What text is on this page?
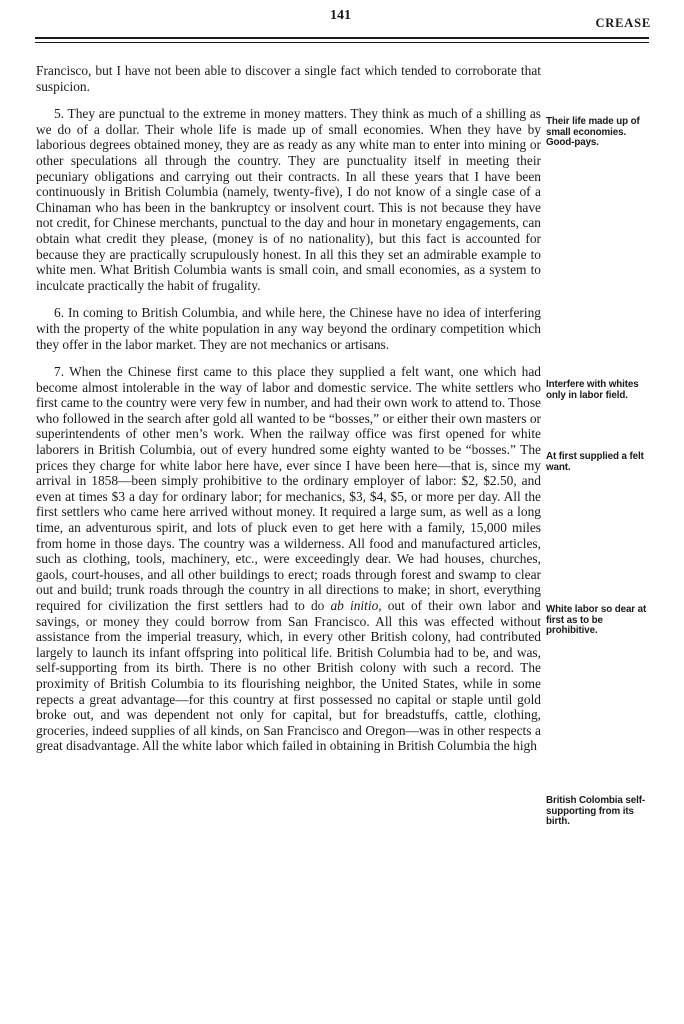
141	CREASE

Francisco, but I have not been able to discover a single fact which tended to corroborate that suspicion.

5. They are punctual to the extreme in money matters. They think as much of a shilling as we do of a dollar. Their whole life is made up of small economies. When they have by laborious degrees obtained money, they are as ready as any white man to enter into mining or other speculations all through the country. They are punctuality itself in meeting their pecuniary obligations and carrying out their contracts. In all these years that I have been continuously in British Columbia (namely, twenty-five), I do not know of a single case of a Chinaman who has been in the bankruptcy or insolvent court. This is not because they have not credit, for Chinese merchants, punctual to the day and hour in monetary engagements, can obtain what credit they please, (money is of no nationality), but this fact is accounted for because they are practically scrupulously honest. In all this they set an admirable example to white men. What British Columbia wants is small coin, and small economies, as a system to inculcate practically the habit of frugality.

6. In coming to British Columbia, and while here, the Chinese have no idea of interfering with the property of the white population in any way beyond the ordinary competition which they offer in the labor market. They are not mechanics or artisans.

7. When the Chinese first came to this place they supplied a felt want, one which had become almost intolerable in the way of labor and domestic service. The white settlers who first came to the country were very few in number, and had their own work to attend to. Those who followed in the search after gold all wanted to be “bosses,” or either their own masters or superintendents of other men’s work. When the railway office was first opened for white laborers in British Columbia, out of every hundred some eighty wanted to be “bosses.” The prices they charge for white labor here have, ever since I have been here—that is, since my arrival in 1858—been simply prohibitive to the ordinary employer of labor: $2, $2.50, and even at times $3 a day for ordinary labor; for mechanics, $3, $4, $5, or more per day. All the first settlers who came here arrived without money. It required a large sum, as well as a long time, an adventurous spirit, and lots of pluck even to get here with a family, 15,000 miles from home in those days. The country was a wilderness. All food and manufactured articles, such as clothing, tools, machinery, etc., were exceedingly dear. We had houses, churches, gaols, court-houses, and all other buildings to erect; roads through forest and swamp to clear out and build; trunk roads through the country in all directions to make; in short, everything required for civilization the first settlers had to do ab initio, out of their own labor and savings, or money they could borrow from San Francisco. All this was effected without assistance from the imperial treasury, which, in every other British colony, had contributed largely to launch its infant offspring into political life. British Columbia had to be, and was, self-supporting from its birth. There is no other British colony with such a record. The proximity of British Columbia to its flourishing neighbor, the United States, while in some repects a great advantage—for this country at first possessed no capital or staple until gold broke out, and was dependent not only for capital, but for breadstuffs, cattle, clothing, groceries, indeed supplies of all kinds, on San Francisco and Oregon—was in other respects a great disadvantage. All the white labor which failed in obtaining in British Columbia the high

Their life made up of small economies. Good-pays.
Interfere with whites only in labor field.
At first supplied a felt want.
White labor so dear at first as to be prohibitive.
British Colombia self-supporting from its birth.
